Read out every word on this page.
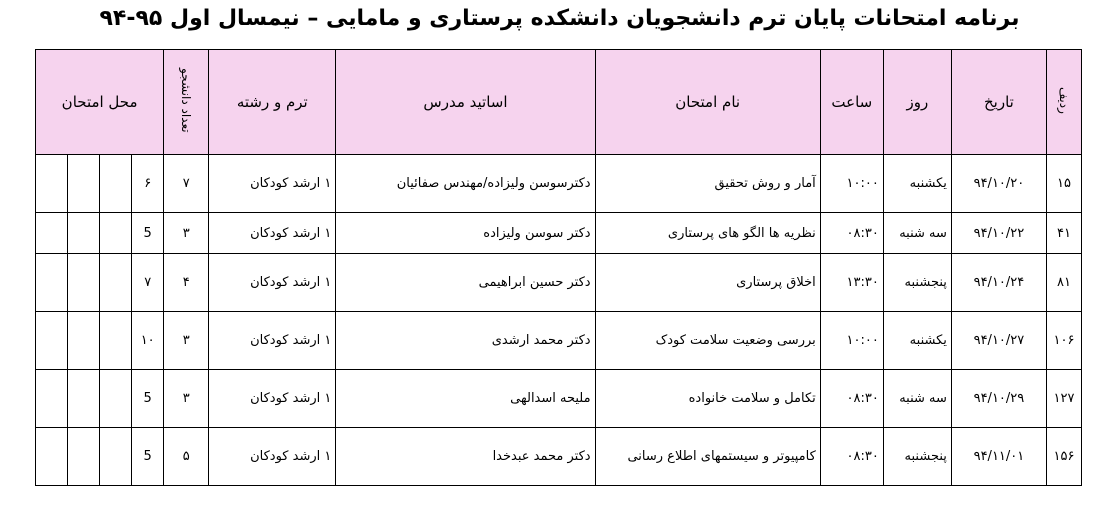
برنامه امتحانات پایان ترم دانشجویان دانشکده پرستاری و مامایی – نیمسال اول ۹۵-۹۴
ردیف	تاریخ	روز	ساعت	نام امتحان	اساتید مدرس	ترم و رشته	تعداد دانشجو	محل امتحان			
۱۵	۹۴/۱۰/۲۰	یکشنبه	۱۰:۰۰	آمار و روش تحقیق	دکترسوسن ولیزاده/مهندس صفائیان	۱ ارشد کودکان	۷	۶			
۴۱	۹۴/۱۰/۲۲	سه شنبه	۰۸:۳۰	نظریه ها الگو های پرستاری	دکتر سوسن ولیزاده	۱ ارشد کودکان	۳	5			
۸۱	۹۴/۱۰/۲۴	پنجشنبه	۱۳:۳۰	اخلاق پرستاری	دکتر حسین ابراهیمی	۱ ارشد کودکان	۴	۷			
۱۰۶	۹۴/۱۰/۲۷	یکشنبه	۱۰:۰۰	بررسی وضعیت سلامت کودک	دکتر محمد ارشدی	۱ ارشد کودکان	۳	۱۰			
۱۲۷	۹۴/۱۰/۲۹	سه شنبه	۰۸:۳۰	تکامل و سلامت خانواده	ملیحه اسدالهی	۱ ارشد کودکان	۳	5			
۱۵۶	۹۴/۱۱/۰۱	پنجشنبه	۰۸:۳۰	کامپیوتر و سیستمهای اطلاع رسانی	دکتر محمد عبدخدا	۱ ارشد کودکان	۵	5			
